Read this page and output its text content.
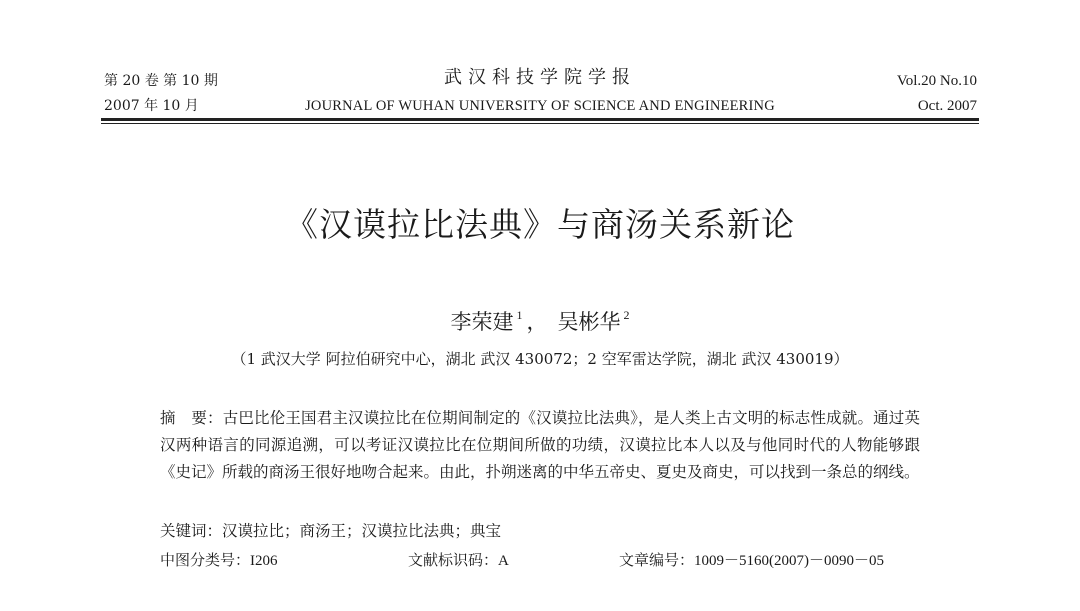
第 20 卷 第 10 期
2007 年 10 月
武汉科技学院学报
JOURNAL OF WUHAN UNIVERSITY OF SCIENCE AND ENGINEERING
Vol.20 No.10
Oct. 2007
《汉谟拉比法典》与商汤关系新论
李荣建 $^1$ ， 吴彬华 $^2$
（1 武汉大学 阿拉伯研究中心，湖北 武汉 430072；2 空军雷达学院，湖北 武汉 430019）
摘　要：古巴比伦王国君主汉谟拉比在位期间制定的《汉谟拉比法典》，是人类上古文明的标志性成就。通过英汉两种语言的同源追溯，可以考证汉谟拉比在位期间所做的功绩，汉谟拉比本人以及与他同时代的人物能够跟《史记》所载的商汤王很好地吻合起来。由此，扑朔迷离的中华五帝史、夏史及商史，可以找到一条总的纲线。
关键词：汉谟拉比；商汤王；汉谟拉比法典；典宝
中图分类号：I206	文献标识码：A	文章编号：1009－5160(2007)－0090－05
